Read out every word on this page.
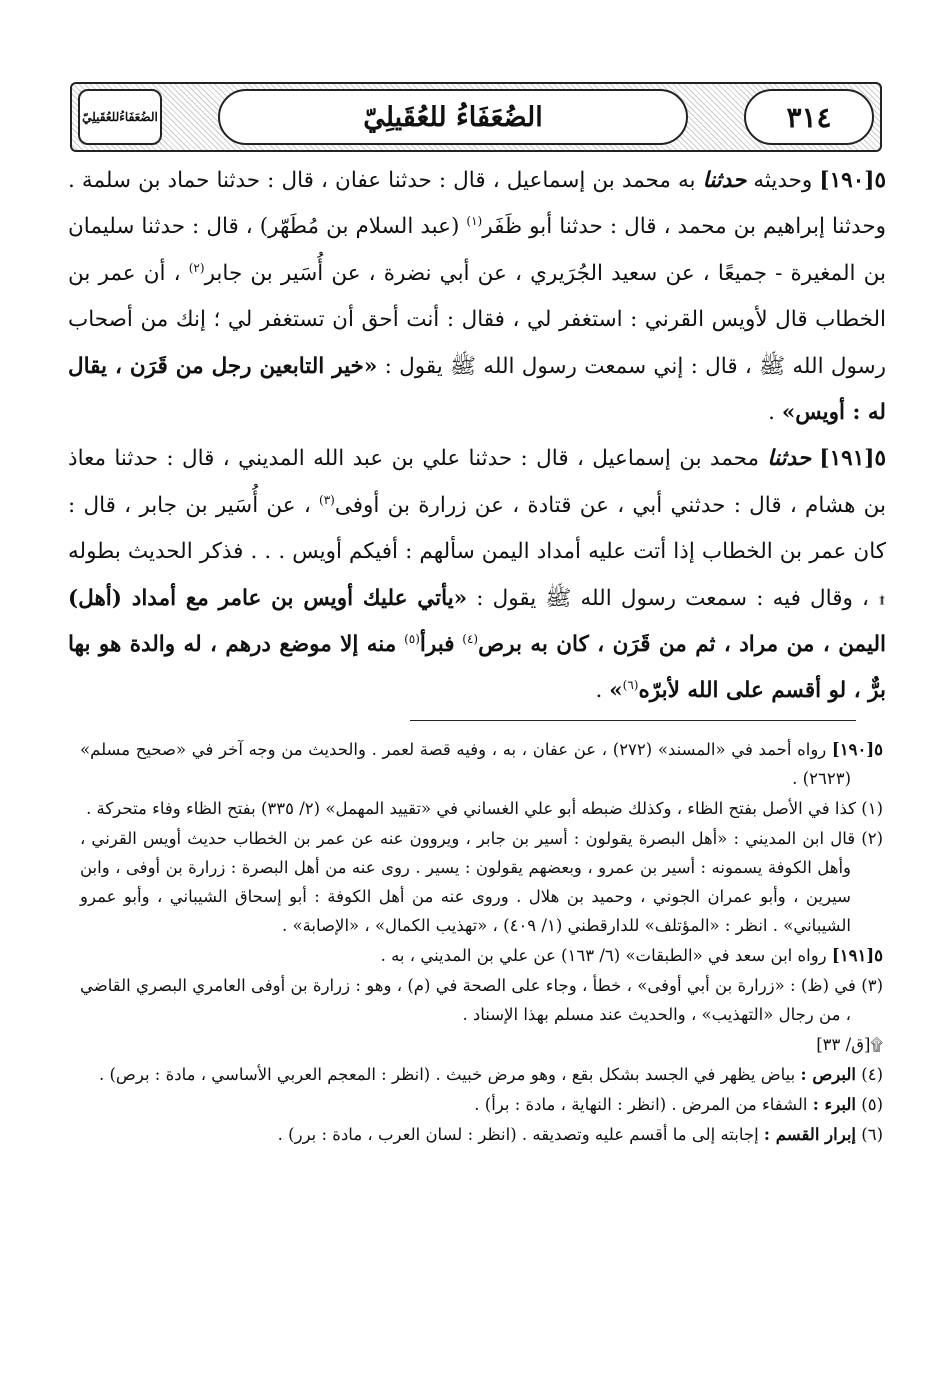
٣١٤
الضُعَفَاءُ للعُقَيلِيّ
الضُعَفَاءُ
للعُقَيلِيّ

٥[١٩٠] وحديثه حدثنا به محمد بن إسماعيل ، قال : حدثنا عفان ، قال : حدثنا حماد بن سلمة . وحدثنا إبراهيم بن محمد ، قال : حدثنا أبو ظَفَر$^{(١)}$ (عبد السلام بن مُطَهّر) ، قال : حدثنا سليمان بن المغيرة - جميعًا ، عن سعيد الجُرَيري ، عن أبي نضرة ، عن أُسَير بن جابر$^{(٢)}$ ، أن عمر بن الخطاب قال لأويس القرني : استغفر لي ، فقال : أنت أحق أن تستغفر لي ؛ إنك من أصحاب رسول الله ﷺ ، قال : إني سمعت رسول الله ﷺ يقول : «خير التابعين رجل من قَرَن ، يقال له : أويس» .

٥[١٩١] حدثنا محمد بن إسماعيل ، قال : حدثنا علي بن عبد الله المديني ، قال : حدثنا معاذ بن هشام ، قال : حدثني أبي ، عن قتادة ، عن زرارة بن أوفى$^{(٣)}$ ، عن أُسَير بن جابر ، قال : كان عمر بن الخطاب إذا أتت عليه أمداد اليمن سألهم : أفيكم أويس . . . فذكر الحديث بطوله ۩ ، وقال فيه : سمعت رسول الله ﷺ يقول : «يأتي عليك أويس بن عامر مع أمداد (أهل) اليمن ، من مراد ، ثم من قَرَن ، كان به برص$^{(٤)}$ فبرأ$^{(٥)}$ منه إلا موضع درهم ، له والدة هو بها برٌّ ، لو أقسم على الله لأبرّه$^{(٦)}$» .

٥[١٩٠] رواه أحمد في «المسند» (٢٧٢) ، عن عفان ، به ، وفيه قصة لعمر . والحديث من وجه آخر في «صحيح مسلم» (٢٦٢٣) .

(١) كذا في الأصل بفتح الظاء ، وكذلك ضبطه أبو علي الغساني في «تقييد المهمل» (٢/ ٣٣٥) بفتح الظاء وفاء متحركة .

(٢) قال ابن المديني : «أهل البصرة يقولون : أسير بن جابر ، ويروون عنه عن عمر بن الخطاب حديث أويس القرني ، وأهل الكوفة يسمونه : أسير بن عمرو ، وبعضهم يقولون : يسير . روى عنه من أهل البصرة : زرارة بن أوفى ، وابن سيرين ، وأبو عمران الجوني ، وحميد بن هلال . وروى عنه من أهل الكوفة : أبو إسحاق الشيباني ، وأبو عمرو الشيباني» . انظر : «المؤتلف» للدارقطني (١/ ٤٠٩) ، «تهذيب الكمال» ، «الإصابة» .

٥[١٩١] رواه ابن سعد في «الطبقات» (٦/ ١٦٣) عن علي بن المديني ، به .

(٣) في (ظ) : «زرارة بن أبي أوفى» ، خطأ ، وجاء على الصحة في (م) ، وهو : زرارة بن أوفى العامري البصري القاضي ، من رجال «التهذيب» ، والحديث عند مسلم بهذا الإسناد .

۩[ق/ ٣٣]

(٤) البرص : بياض يظهر في الجسد بشكل بقع ، وهو مرض خبيث . (انظر : المعجم العربي الأساسي ، مادة : برص) .

(٥) البرء : الشفاء من المرض . (انظر : النهاية ، مادة : برأ) .

(٦) إبرار القسم : إجابته إلى ما أقسم عليه وتصديقه . (انظر : لسان العرب ، مادة : برر) .
